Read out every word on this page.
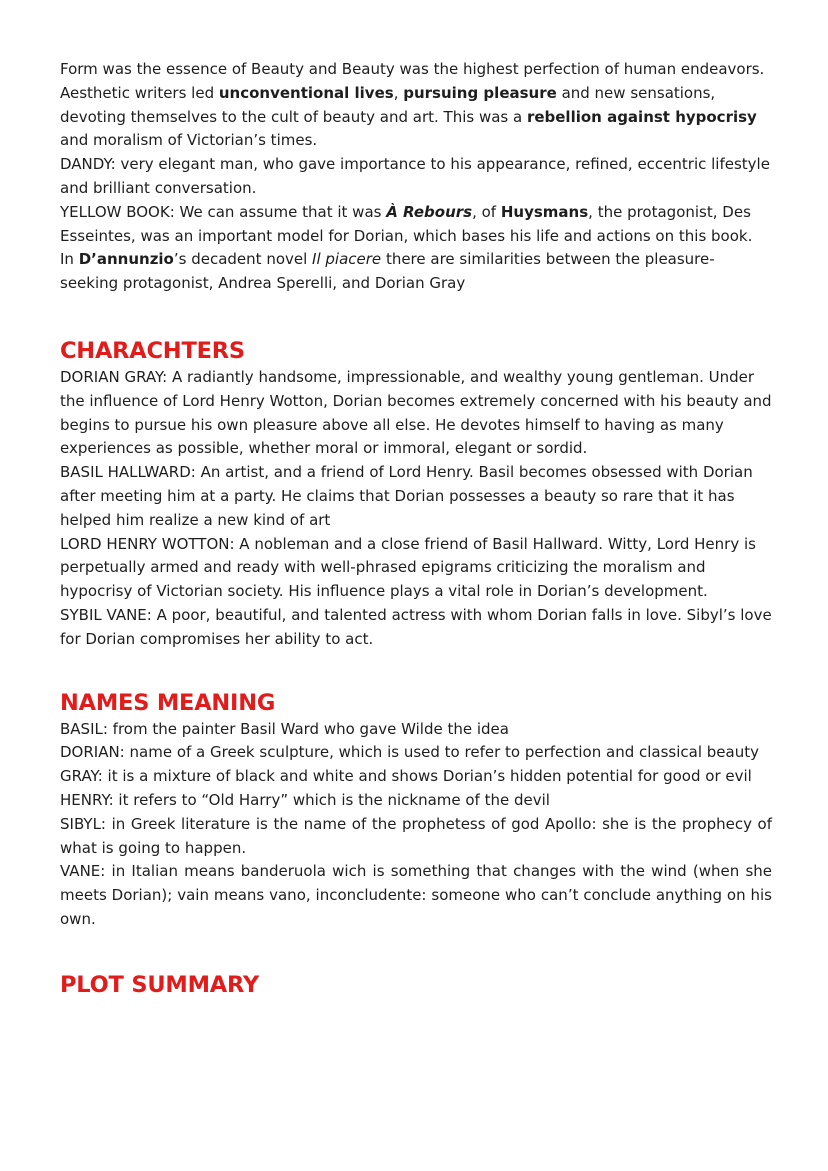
Form was the essence of Beauty and Beauty was the highest perfection of human endeavors.

Aesthetic writers led unconventional lives, pursuing pleasure and new sensations, devoting themselves to the cult of beauty and art. This was a rebellion against hypocrisy and moralism of Victorian’s times.

DANDY: very elegant man, who gave importance to his appearance, refined, eccentric lifestyle and brilliant conversation.

YELLOW BOOK: We can assume that it was À Rebours, of Huysmans, the protagonist, Des Esseintes, was an important model for Dorian, which bases his life and actions on this book.

In D’annunzio’s decadent novel Il piacere there are similarities between the pleasure-seeking protagonist, Andrea Sperelli, and Dorian Gray

CHARACHTERS

DORIAN GRAY: A radiantly handsome, impressionable, and wealthy young gentleman. Under the influence of Lord Henry Wotton, Dorian becomes extremely concerned with his beauty and begins to pursue his own pleasure above all else. He devotes himself to having as many experiences as possible, whether moral or immoral, elegant or sordid.

BASIL HALLWARD: An artist, and a friend of Lord Henry. Basil becomes obsessed with Dorian after meeting him at a party. He claims that Dorian possesses a beauty so rare that it has helped him realize a new kind of art

LORD HENRY WOTTON: A nobleman and a close friend of Basil Hallward. Witty, Lord Henry is perpetually armed and ready with well-phrased epigrams criticizing the moralism and hypocrisy of Victorian society. His influence plays a vital role in Dorian’s development.

SYBIL VANE: A poor, beautiful, and talented actress with whom Dorian falls in love. Sibyl’s love for Dorian compromises her ability to act.

NAMES MEANING

BASIL: from the painter Basil Ward who gave Wilde the idea

DORIAN: name of a Greek sculpture, which is used to refer to perfection and classical beauty

GRAY: it is a mixture of black and white and shows Dorian’s hidden potential for good or evil

HENRY: it refers to “Old Harry” which is the nickname of the devil

SIBYL: in Greek literature is the name of the prophetess of god Apollo: she is the prophecy of what is going to happen.

VANE: in Italian means banderuola wich is something that changes with the wind (when she meets Dorian); vain means vano, inconcludente: someone who can’t conclude anything on his own.

PLOT SUMMARY
